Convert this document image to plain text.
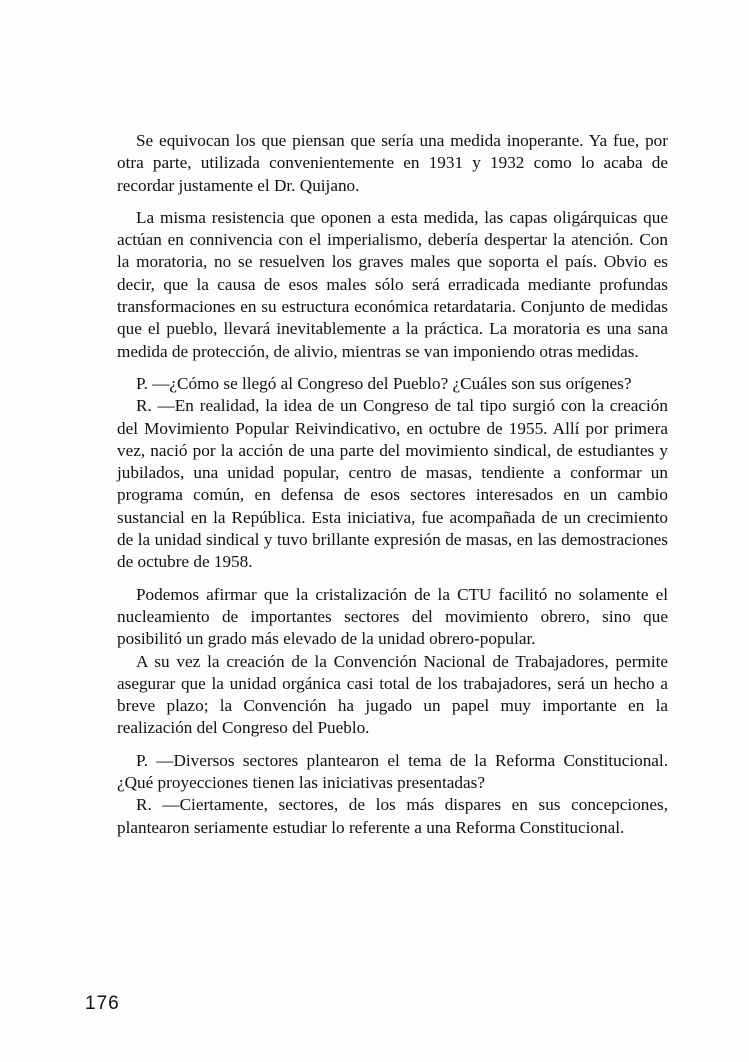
Se equivocan los que piensan que sería una medida inoperante. Ya fue, por otra parte, utilizada convenientemente en 1931 y 1932 como lo acaba de recordar justamente el Dr. Quijano.

La misma resistencia que oponen a esta medida, las capas oligárquicas que actúan en connivencia con el imperialismo, debería despertar la atención. Con la moratoria, no se resuelven los graves males que soporta el país. Obvio es decir, que la causa de esos males sólo será erradicada mediante profundas transformaciones en su estructura económica retardataria. Conjunto de medidas que el pueblo, llevará inevitablemente a la práctica. La moratoria es una sana medida de protección, de alivio, mientras se van imponiendo otras medidas.

P. —¿Cómo se llegó al Congreso del Pueblo? ¿Cuáles son sus orígenes?

R. —En realidad, la idea de un Congreso de tal tipo surgió con la creación del Movimiento Popular Reivindicativo, en octubre de 1955. Allí por primera vez, nació por la acción de una parte del movimiento sindical, de estudiantes y jubilados, una unidad popular, centro de masas, tendiente a conformar un programa común, en defensa de esos sectores interesados en un cambio sustancial en la República. Esta iniciativa, fue acompañada de un crecimiento de la unidad sindical y tuvo brillante expresión de masas, en las demostraciones de octubre de 1958.

Podemos afirmar que la cristalización de la CTU facilitó no solamente el nucleamiento de importantes sectores del movimiento obrero, sino que posibilitó un grado más elevado de la unidad obrero-popular.

A su vez la creación de la Convención Nacional de Trabajadores, permite asegurar que la unidad orgánica casi total de los trabajadores, será un hecho a breve plazo; la Convención ha jugado un papel muy importante en la realización del Congreso del Pueblo.

P. —Diversos sectores plantearon el tema de la Reforma Constitucional. ¿Qué proyecciones tienen las iniciativas presentadas?

R. —Ciertamente, sectores, de los más dispares en sus concepciones, plantearon seriamente estudiar lo referente a una Reforma Constitucional.

176
